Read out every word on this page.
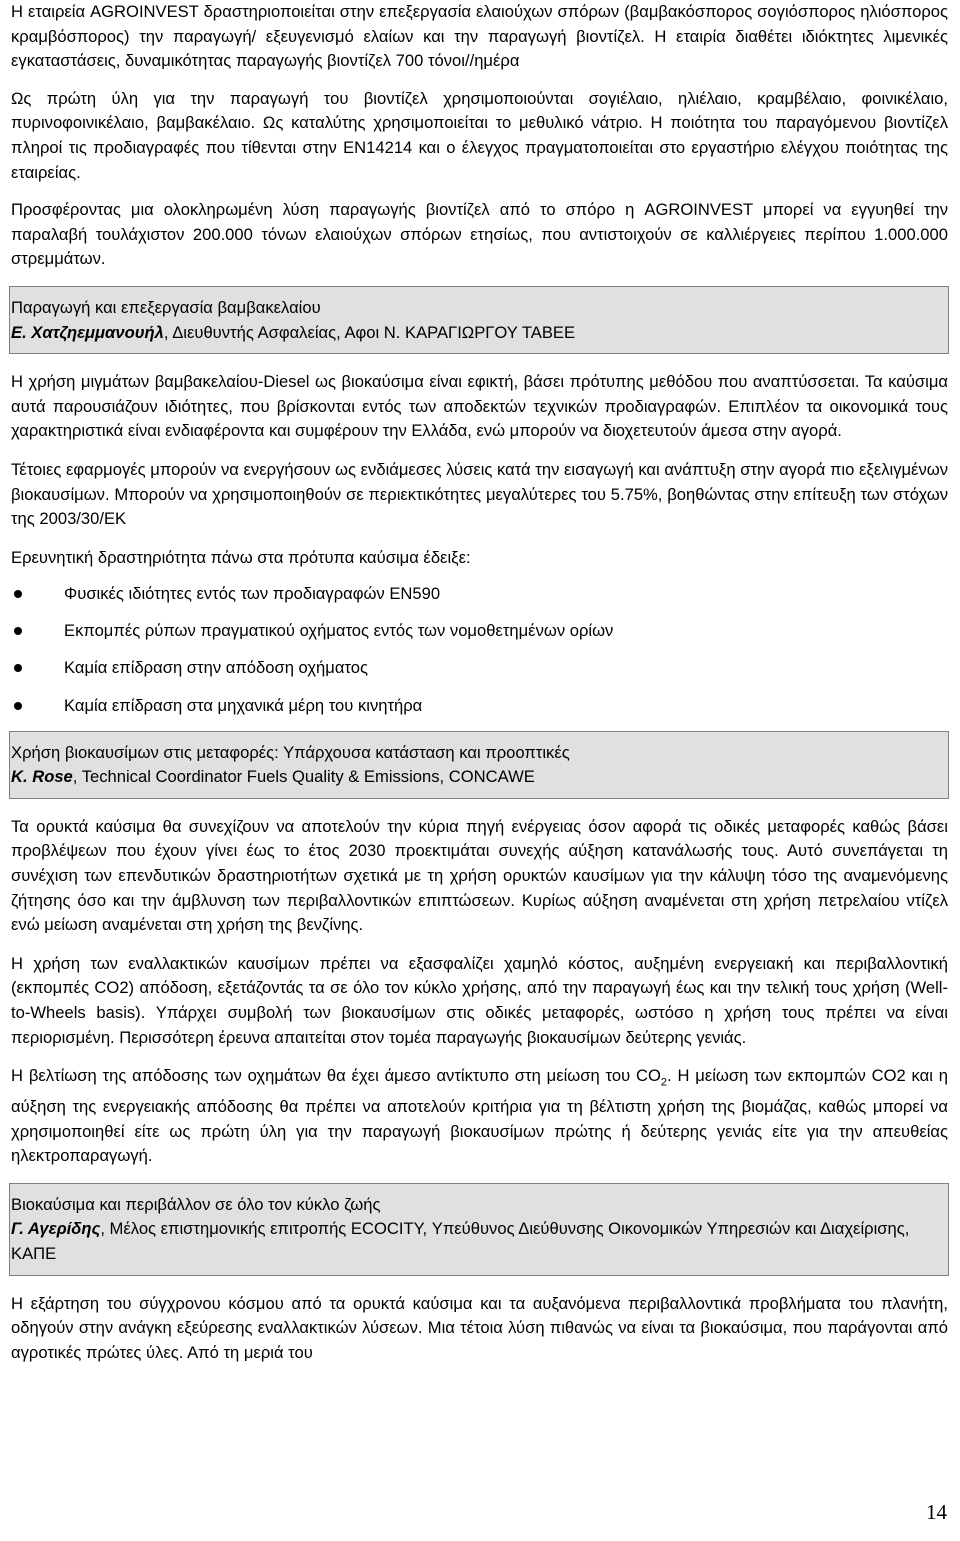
Η εταιρεία AGROINVEST δραστηριοποιείται στην επεξεργασία ελαιούχων σπόρων (βαμβακόσπορος σογιόσπορος ηλιόσπορος κραμβόσπορος) την παραγωγή/ εξευγενισμό ελαίων και την παραγωγή βιοντίζελ. Η εταιρία διαθέτει ιδιόκτητες λιμενικές εγκαταστάσεις, δυναμικότητας παραγωγής βιοντίζελ 700 τόνοι//ημέρα

Ως πρώτη ύλη για την παραγωγή του βιοντίζελ χρησιμοποιούνται σογιέλαιο, ηλιέλαιο, κραμβέλαιο, φοινικέλαιο, πυρινοφοινικέλαιο, βαμβακέλαιο. Ως καταλύτης χρησιμοποιείται το μεθυλικό νάτριο. Η ποιότητα του παραγόμενου βιοντίζελ πληροί τις προδιαγραφές που τίθενται στην EN14214 και ο έλεγχος πραγματοποιείται στο εργαστήριο ελέγχου ποιότητας της εταιρείας.

Προσφέροντας μια ολοκληρωμένη λύση παραγωγής βιοντίζελ από το σπόρο η AGROINVEST μπορεί να εγγυηθεί την παραλαβή τουλάχιστον 200.000 τόνων ελαιούχων σπόρων ετησίως, που αντιστοιχούν σε καλλιέργειες περίπου 1.000.000 στρεμμάτων.

Παραγωγή και επεξεργασία βαμβακελαίου

Ε. Χατζηεμμανουήλ, Διευθυντής Ασφαλείας, Αφοι Ν. ΚΑΡΑΓΙΩΡΓΟΥ ΤΑΒΕΕ

Η χρήση μιγμάτων βαμβακελαίου-Diesel ως βιοκαύσιμα είναι εφικτή, βάσει πρότυπης μεθόδου που αναπτύσσεται. Τα καύσιμα αυτά παρουσιάζουν ιδιότητες, που βρίσκονται εντός των αποδεκτών τεχνικών προδιαγραφών. Επιπλέον τα οικονομικά τους χαρακτηριστικά είναι ενδιαφέροντα και συμφέρουν την Ελλάδα, ενώ μπορούν να διοχετευτούν άμεσα στην αγορά.

Τέτοιες εφαρμογές μπορούν να ενεργήσουν ως ενδιάμεσες λύσεις κατά την εισαγωγή και ανάπτυξη στην αγορά πιο εξελιγμένων βιοκαυσίμων. Μπορούν να χρησιμοποιηθούν σε περιεκτικότητες μεγαλύτερες του 5.75%, βοηθώντας στην επίτευξη των στόχων της 2003/30/ΕΚ

Ερευνητική δραστηριότητα πάνω στα πρότυπα καύσιμα έδειξε:

Φυσικές ιδιότητες εντός των προδιαγραφών EN590
Εκπομπές ρύπων πραγματικού οχήματος εντός των νομοθετημένων ορίων
Καμία επίδραση στην απόδοση οχήματος
Καμία επίδραση στα μηχανικά μέρη του κινητήρα

Χρήση βιοκαυσίμων στις μεταφορές: Υπάρχουσα κατάσταση και προοπτικές

K. Rose, Technical Coordinator Fuels Quality & Emissions, CONCAWE

Τα ορυκτά καύσιμα θα συνεχίζουν να αποτελούν την κύρια πηγή ενέργειας όσον αφορά τις οδικές μεταφορές καθώς βάσει προβλέψεων που έχουν γίνει έως το έτος 2030 προεκτιμάται συνεχής αύξηση κατανάλωσής τους. Αυτό συνεπάγεται τη συνέχιση των επενδυτικών δραστηριοτήτων σχετικά με τη χρήση ορυκτών καυσίμων για την κάλυψη τόσο της αναμενόμενης ζήτησης όσο και την άμβλυνση των περιβαλλοντικών επιπτώσεων. Κυρίως αύξηση αναμένεται στη χρήση πετρελαίου ντίζελ ενώ μείωση αναμένεται στη χρήση της βενζίνης.

Η χρήση των εναλλακτικών καυσίμων πρέπει να εξασφαλίζει χαμηλό κόστος, αυξημένη ενεργειακή και περιβαλλοντική (εκπομπές CO2) απόδοση, εξετάζοντάς τα σε όλο τον κύκλο χρήσης, από την παραγωγή έως και την τελική τους χρήση (Well-to-Wheels basis). Υπάρχει συμβολή των βιοκαυσίμων στις οδικές μεταφορές, ωστόσο η χρήση τους πρέπει να είναι περιορισμένη. Περισσότερη έρευνα απαιτείται στον τομέα παραγωγής βιοκαυσίμων δεύτερης γενιάς.

Η βελτίωση της απόδοσης των οχημάτων θα έχει άμεσο αντίκτυπο στη μείωση του $CO_2$. Η μείωση των εκπομπών CO2 και η αύξηση της ενεργειακής απόδοσης θα πρέπει να αποτελούν κριτήρια για τη βέλτιστη χρήση της βιομάζας, καθώς μπορεί να χρησιμοποιηθεί είτε ως πρώτη ύλη για την παραγωγή βιοκαυσίμων πρώτης ή δεύτερης γενιάς είτε για την απευθείας ηλεκτροπαραγωγή.

Βιοκαύσιμα και περιβάλλον σε όλο τον κύκλο ζωής

Γ. Αγερίδης, Μέλος επιστημονικής επιτροπής ECOCITY, Υπεύθυνος Διεύθυνσης Οικονομικών Υπηρεσιών και Διαχείρισης, ΚΑΠΕ

Η εξάρτηση του σύγχρονου κόσμου από τα ορυκτά καύσιμα και τα αυξανόμενα περιβαλλοντικά προβλήματα του πλανήτη, οδηγούν στην ανάγκη εξεύρεσης εναλλακτικών λύσεων. Μια τέτοια λύση πιθανώς να είναι τα βιοκαύσιμα, που παράγονται από αγροτικές πρώτες ύλες. Από τη μεριά του

14
